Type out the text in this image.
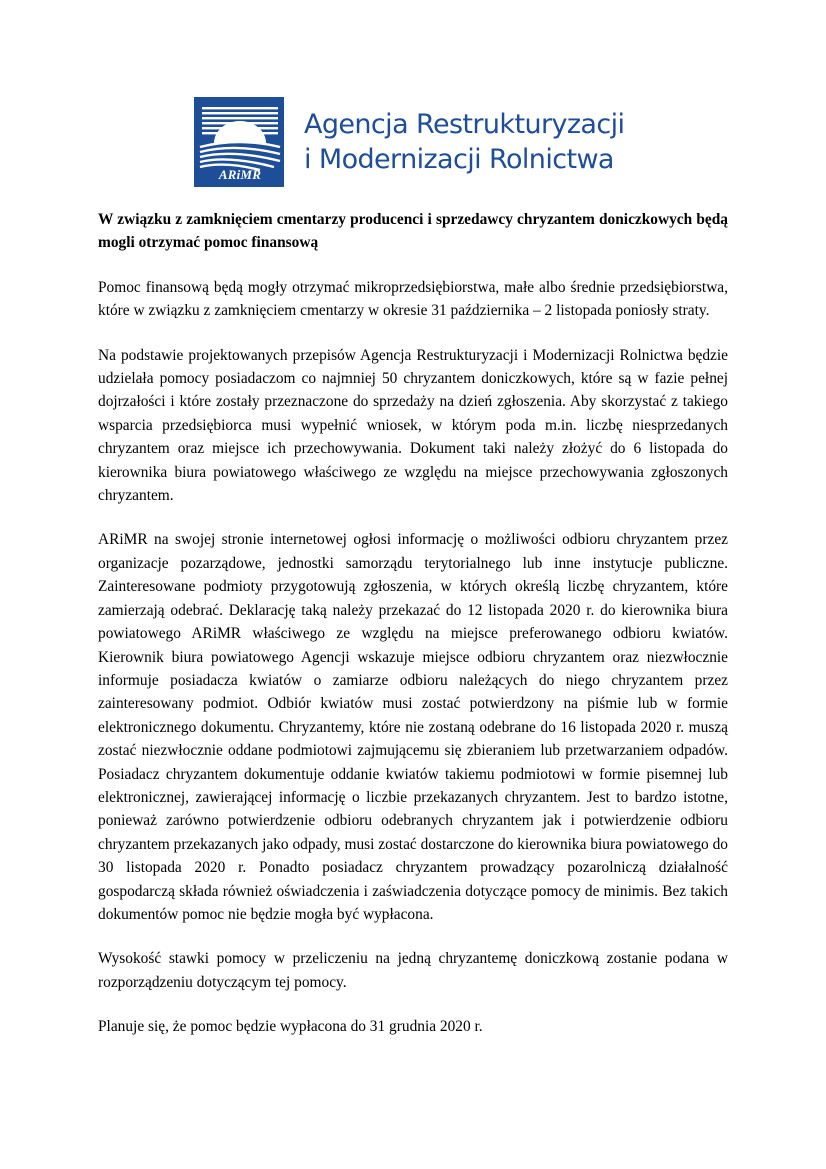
ARiMR
Agencja Restrukturyzacji
i Modernizacji Rolnictwa
W związku z zamknięciem cmentarzy producenci i sprzedawcy chryzantem doniczkowych będą mogli otrzymać pomoc finansową

Pomoc finansową będą mogły otrzymać mikroprzedsiębiorstwa, małe albo średnie przedsiębiorstwa, które w związku z zamknięciem cmentarzy w okresie 31 października – 2 listopada poniosły straty.

Na podstawie projektowanych przepisów Agencja Restrukturyzacji i Modernizacji Rolnictwa będzie udzielała pomocy posiadaczom co najmniej 50 chryzantem doniczkowych, które są w fazie pełnej dojrzałości i które zostały przeznaczone do sprzedaży na dzień zgłoszenia. Aby skorzystać z takiego wsparcia przedsiębiorca musi wypełnić wniosek, w którym poda m.in. liczbę niesprzedanych chryzantem oraz miejsce ich przechowywania. Dokument taki należy złożyć do 6 listopada do kierownika biura powiatowego właściwego ze względu na miejsce przechowywania zgłoszonych chryzantem.

ARiMR na swojej stronie internetowej ogłosi informację o możliwości odbioru chryzantem przez organizacje pozarządowe, jednostki samorządu terytorialnego lub inne instytucje publiczne. Zainteresowane podmioty przygotowują zgłoszenia, w których określą liczbę chryzantem, które zamierzają odebrać. Deklarację taką należy przekazać do 12 listopada 2020 r. do kierownika biura powiatowego ARiMR właściwego ze względu na miejsce preferowanego odbioru kwiatów. Kierownik biura powiatowego Agencji wskazuje miejsce odbioru chryzantem oraz niezwłocznie informuje posiadacza kwiatów o zamiarze odbioru należących do niego chryzantem przez zainteresowany podmiot. Odbiór kwiatów musi zostać potwierdzony na piśmie lub w formie elektronicznego dokumentu. Chryzantemy, które nie zostaną odebrane do 16 listopada 2020 r. muszą zostać niezwłocznie oddane podmiotowi zajmującemu się zbieraniem lub przetwarzaniem odpadów. Posiadacz chryzantem dokumentuje oddanie kwiatów takiemu podmiotowi w formie pisemnej lub elektronicznej, zawierającej informację o liczbie przekazanych chryzantem. Jest to bardzo istotne, ponieważ zarówno potwierdzenie odbioru odebranych chryzantem jak i potwierdzenie odbioru chryzantem przekazanych jako odpady, musi zostać dostarczone do kierownika biura powiatowego do 30 listopada 2020 r. Ponadto posiadacz chryzantem prowadzący pozarolniczą działalność gospodarczą składa również oświadczenia i zaświadczenia dotyczące pomocy de minimis. Bez takich dokumentów pomoc nie będzie mogła być wypłacona.

Wysokość stawki pomocy w przeliczeniu na jedną chryzantemę doniczkową zostanie podana w rozporządzeniu dotyczącym tej pomocy.

Planuje się, że pomoc będzie wypłacona do 31 grudnia 2020 r.
